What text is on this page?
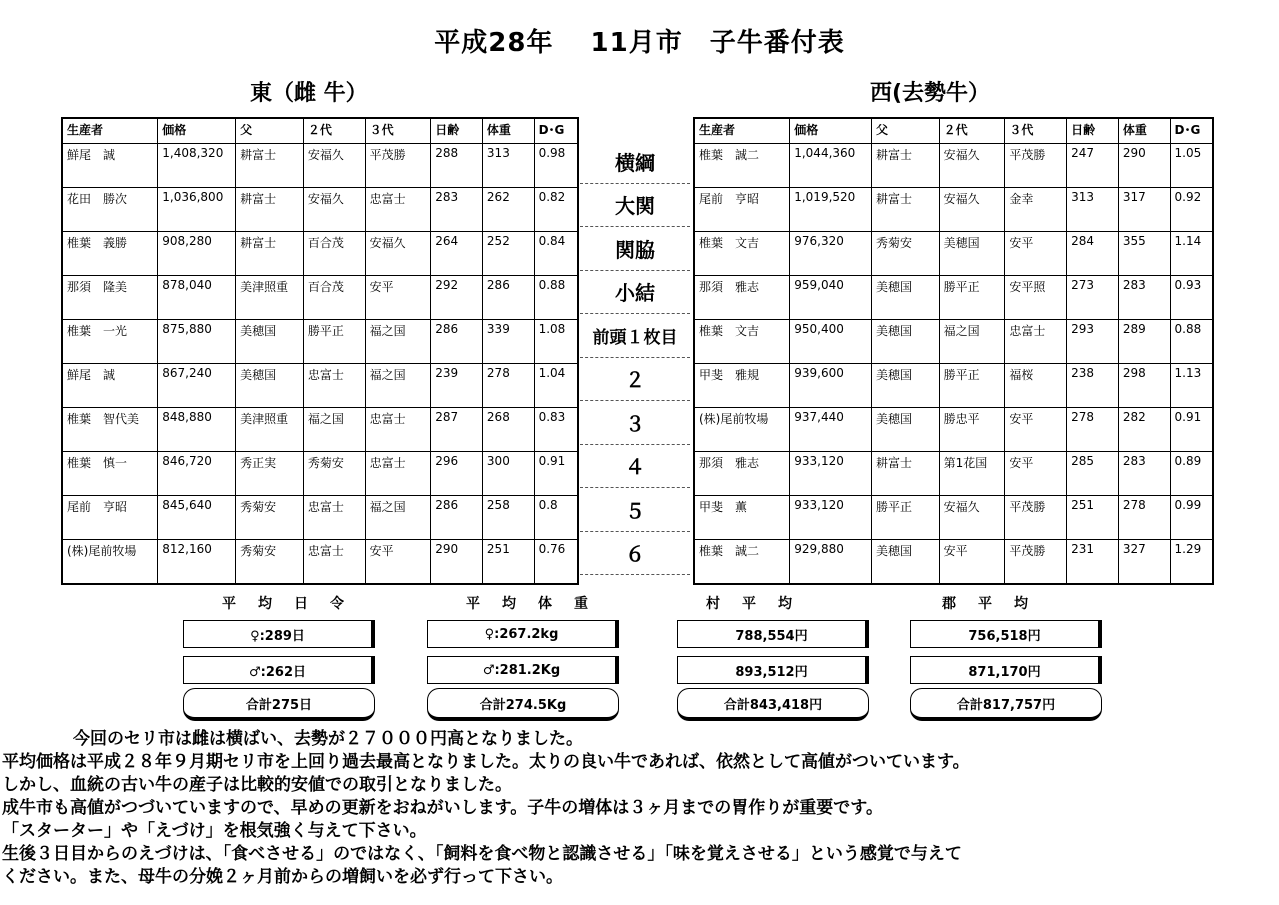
平成28年　 11月市　子牛番付表
東（雌 牛）	西(去勢牛）
生産者	価格	父	２代	３代	日齢	体重	D･G
鮮尾　誠	1,408,320	耕富士	安福久	平茂勝	288	313	0.98
花田　勝次	1,036,800	耕富士	安福久	忠富士	283	262	0.82
椎葉　義勝	908,280	耕富士	百合茂	安福久	264	252	0.84
那須　隆美	878,040	美津照重	百合茂	安平	292	286	0.88
椎葉　一光	875,880	美穂国	勝平正	福之国	286	339	1.08
鮮尾　誠	867,240	美穂国	忠富士	福之国	239	278	1.04
椎葉　智代美	848,880	美津照重	福之国	忠富士	287	268	0.83
椎葉　慎一	846,720	秀正実	秀菊安	忠富士	296	300	0.91
尾前　亨昭	845,640	秀菊安	忠富士	福之国	286	258	0.8
(株)尾前牧場	812,160	秀菊安	忠富士	安平	290	251	0.76
生産者	価格	父	２代	３代	日齢	体重	D･G
椎葉　誠二	1,044,360	耕富士	安福久	平茂勝	247	290	1.05
尾前　亨昭	1,019,520	耕富士	安福久	金幸	313	317	0.92
椎葉　文吉	976,320	秀菊安	美穂国	安平	284	355	1.14
那須　雅志	959,040	美穂国	勝平正	安平照	273	283	0.93
椎葉　文吉	950,400	美穂国	福之国	忠富士	293	289	0.88
甲斐　雅規	939,600	美穂国	勝平正	福桜	238	298	1.13
(株)尾前牧場	937,440	美穂国	勝忠平	安平	278	282	0.91
那須　雅志	933,120	耕富士	第1花国	安平	285	283	0.89
甲斐　薫	933,120	勝平正	安福久	平茂勝	251	278	0.99
椎葉　誠二	929,880	美穂国	安平	平茂勝	231	327	1.29
横綱
大関
関脇
小結
前頭１枚目
２
３
４
５
６
平均日令
♀:289日
♂:262日
合計275日
平均体重
♀:267.2kg
♂:281.2Kg
合計274.5Kg
村平均
788,554円
893,512円
合計843,418円
郡平均
756,518円
871,170円
合計817,757円

　今回のセリ市は雌は横ばい、去勢が２７０００円高となりました。

平均価格は平成２８年９月期セリ市を上回り過去最高となりました。太りの良い牛であれば、依然として高値がついています。

しかし、血統の古い牛の産子は比較的安値での取引となりました。

成牛市も高値がつづいていますので、早めの更新をおねがいします。子牛の増体は３ヶ月までの胃作りが重要です。

「スターター」や「えづけ」を根気強く与えて下さい。

生後３日目からのえづけは、「食べさせる」のではなく、「飼料を食べ物と認識させる」「味を覚えさせる」という感覚で与えて

ください。また、母牛の分娩２ヶ月前からの増飼いを必ず行って下さい。
